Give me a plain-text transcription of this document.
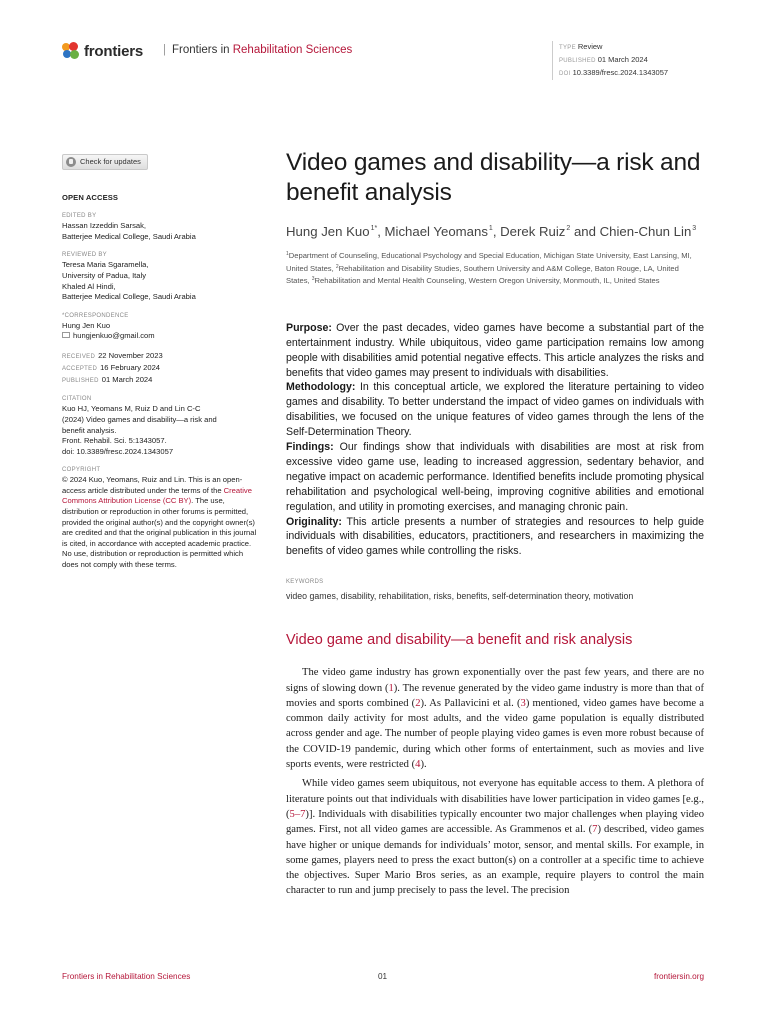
frontiers | Frontiers in Rehabilitation Sciences	TYPE Review
PUBLISHED 01 March 2024
DOI 10.3389/fresc.2024.1343057
Check for updates
OPEN ACCESS
EDITED BY
Hassan Izzeddin Sarsak,
Batterjee Medical College, Saudi Arabia
REVIEWED BY
Teresa Maria Sgaramella,
University of Padua, Italy
Khaled Al Hindi,
Batterjee Medical College, Saudi Arabia
*CORRESPONDENCE
Hung Jen Kuo
hungjenkuo@gmail.com
RECEIVED 22 November 2023
ACCEPTED 16 February 2024
PUBLISHED 01 March 2024
CITATION
Kuo HJ, Yeomans M, Ruiz D and Lin C-C
(2024) Video games and disability—a risk and
benefit analysis.
Front. Rehabil. Sci. 5:1343057.
doi: 10.3389/fresc.2024.1343057
COPYRIGHT
© 2024 Kuo, Yeomans, Ruiz and Lin. This is an open-access article distributed under the terms of the Creative Commons Attribution License (CC BY). The use, distribution or reproduction in other forums is permitted, provided the original author(s) and the copyright owner(s) are credited and that the original publication in this journal is cited, in accordance with accepted academic practice. No use, distribution or reproduction is permitted which does not comply with these terms.
Video games and disability—a risk and benefit analysis
Hung Jen Kuo$^{1*}$, Michael Yeomans$^1$, Derek Ruiz$^2$ and Chien-Chun Lin$^3$
$^1$Department of Counseling, Educational Psychology and Special Education, Michigan State University, East Lansing, MI, United States, $^2$Rehabilitation and Disability Studies, Southern University and A&M College, Baton Rouge, LA, United States, $^3$Rehabilitation and Mental Health Counseling, Western Oregon University, Monmouth, IL, United States

Purpose: Over the past decades, video games have become a substantial part of the entertainment industry. While ubiquitous, video game participation remains low among people with disabilities amid potential negative effects. This article analyzes the risks and benefits that video games may present to individuals with disabilities.

Methodology: In this conceptual article, we explored the literature pertaining to video games and disability. To better understand the impact of video games on individuals with disabilities, we focused on the unique features of video games through the lens of the Self-Determination Theory.

Findings: Our findings show that individuals with disabilities are most at risk from excessive video game use, leading to increased aggression, sedentary behavior, and negative impact on academic performance. Identified benefits include promoting physical rehabilitation and psychological well-being, improving cognitive abilities and emotional regulation, and utility in promoting exercises, and managing chronic pain.

Originality: This article presents a number of strategies and resources to help guide individuals with disabilities, educators, practitioners, and researchers in maximizing the benefits of video games while controlling the risks.

KEYWORDS
video games, disability, rehabilitation, risks, benefits, self-determination theory, motivation
Video game and disability—a benefit and risk analysis

The video game industry has grown exponentially over the past few years, and there are no signs of slowing down (1). The revenue generated by the video game industry is more than that of movies and sports combined (2). As Pallavicini et al. (3) mentioned, video games have become a common daily activity for most adults, and the video game population is equally distributed across gender and age. The number of people playing video games is even more robust because of the COVID-19 pandemic, during which other forms of entertainment, such as movies and live sports events, were restricted (4).

While video games seem ubiquitous, not everyone has equitable access to them. A plethora of literature points out that individuals with disabilities have lower participation in video games [e.g., (5–7)]. Individuals with disabilities typically encounter two major challenges when playing video games. First, not all video games are accessible. As Grammenos et al. (7) described, video games have higher or unique demands for individuals’ motor, sensor, and mental skills. For example, in some games, players need to press the exact button(s) on a controller at a specific time to achieve the objectives. Super Mario Bros series, as an example, require players to control the main character to run and jump precisely to pass the level. The precision

Frontiers in Rehabilitation Sciences	01	frontiersin.org
